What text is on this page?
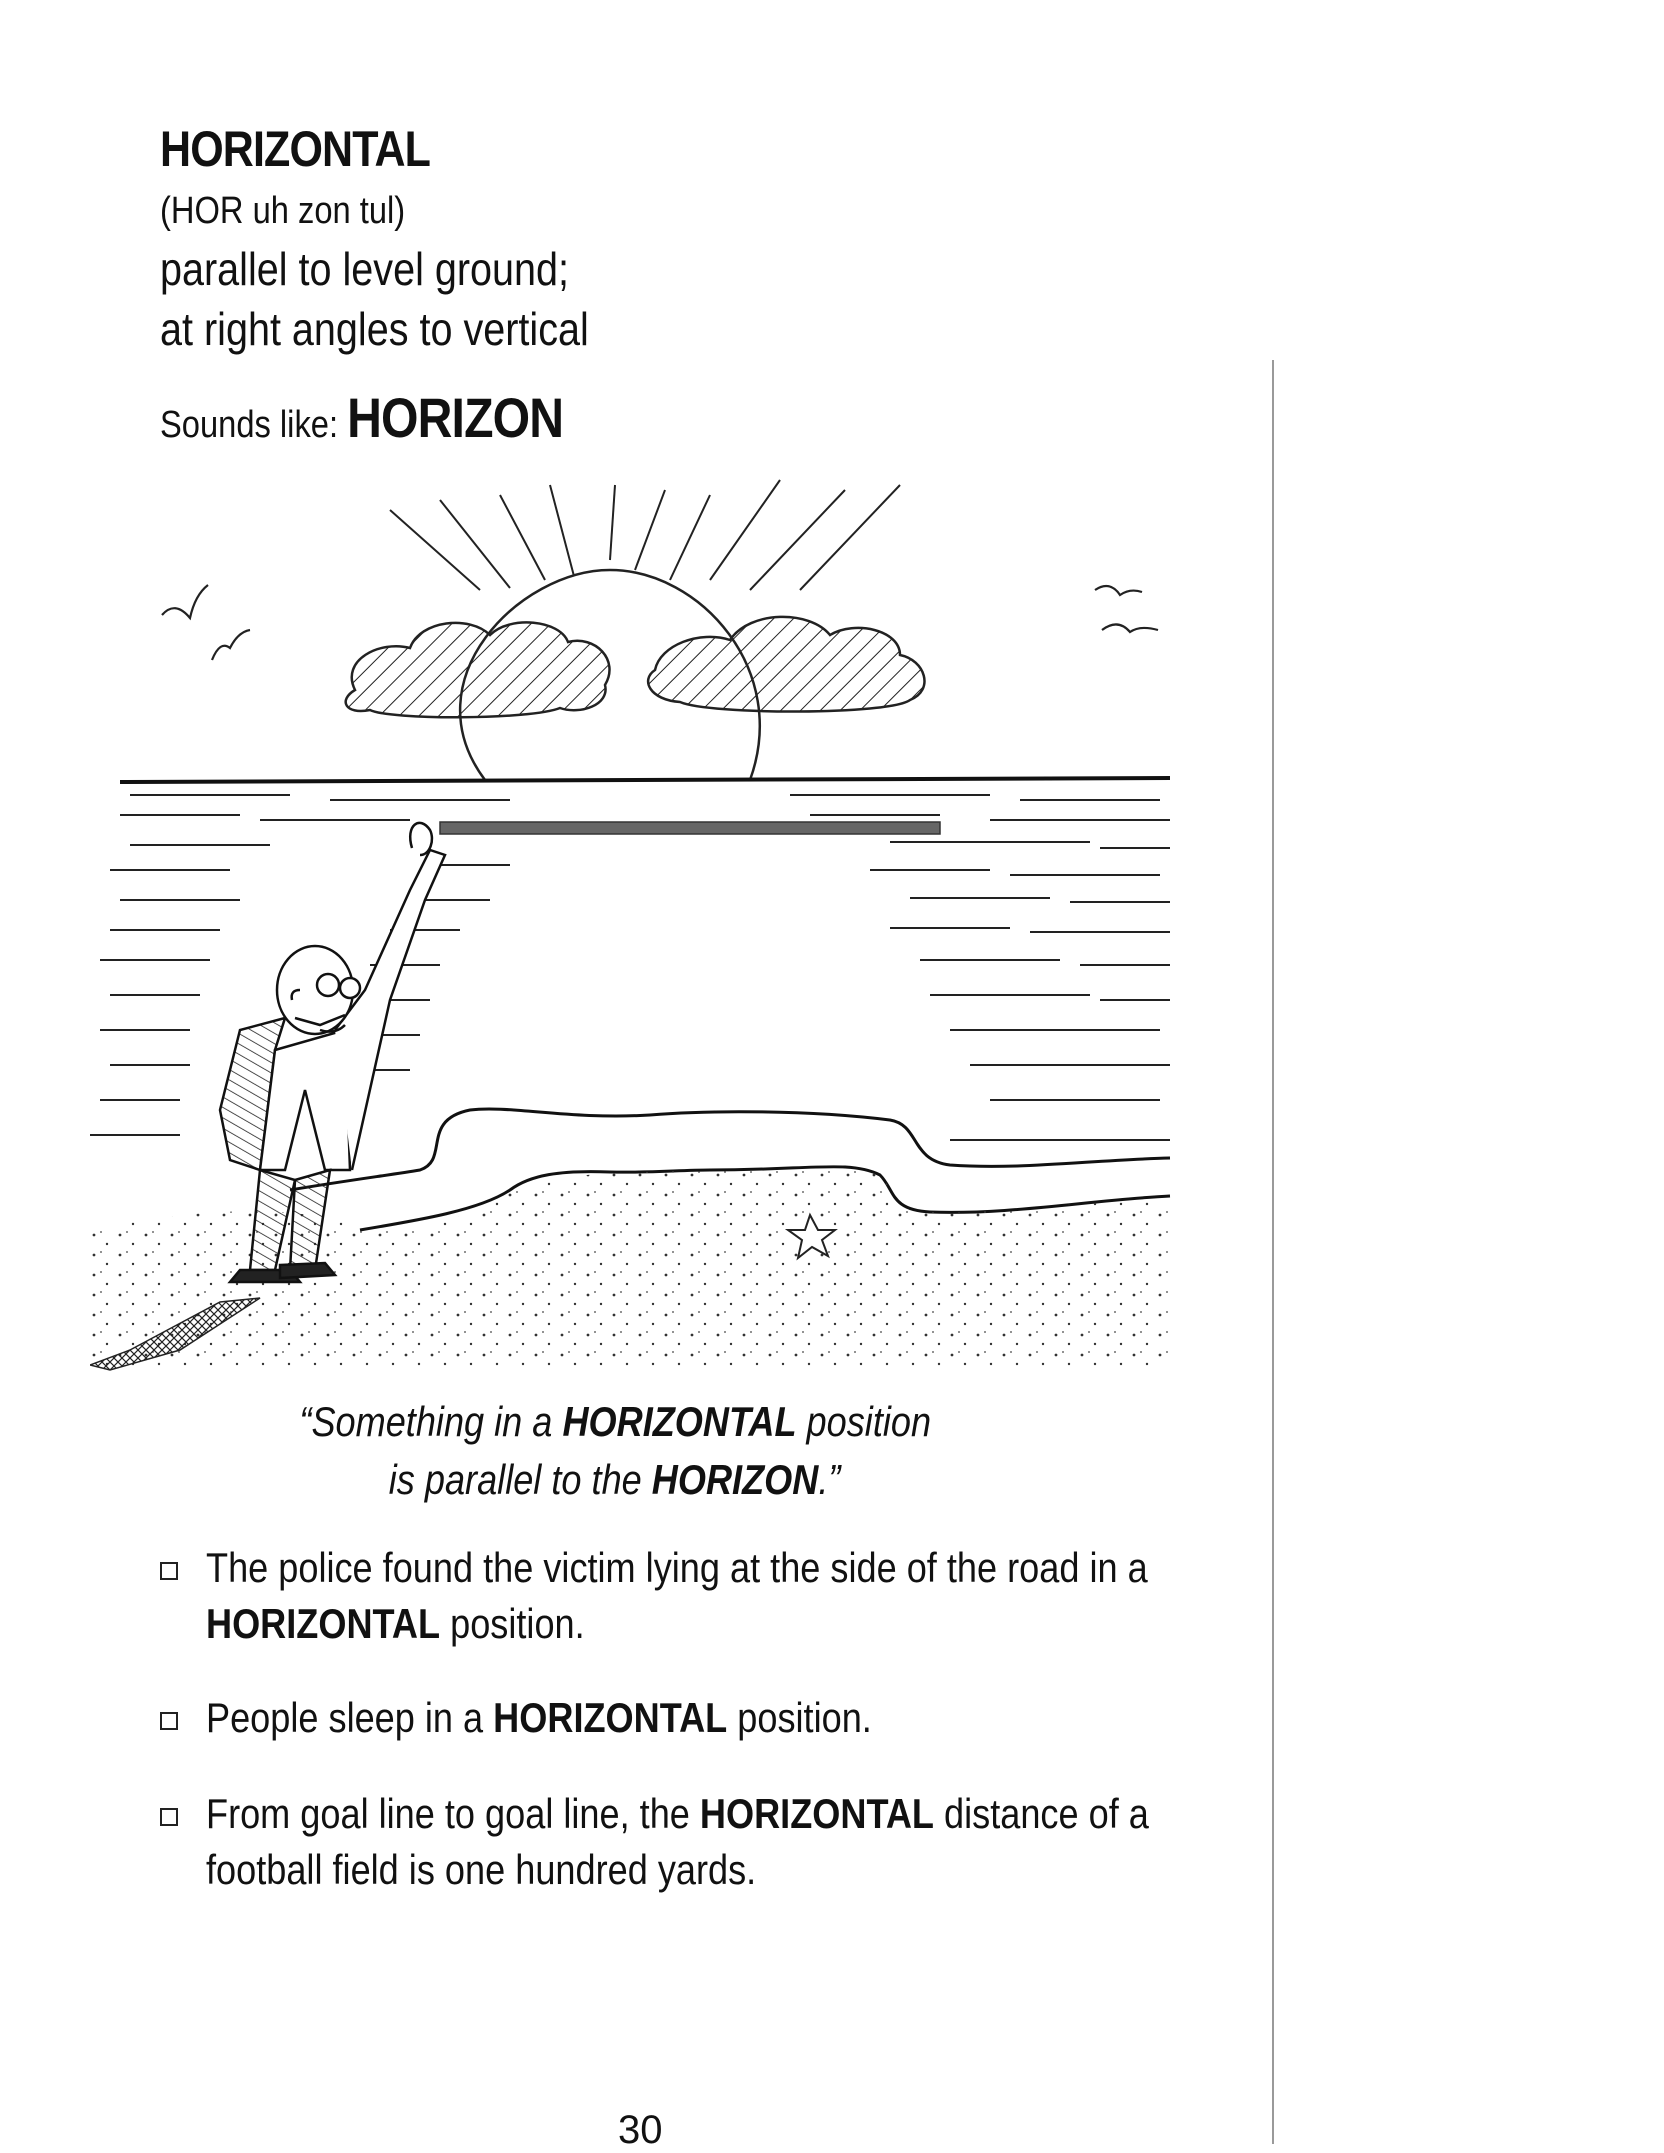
HORIZONTAL
(HOR uh zon tul)
parallel to level ground;
at right angles to vertical
Sounds like: HORIZON
“Something in a HORIZONTAL position
is parallel to the HORIZON.”
The police found the victim lying at the side of the road in a HORIZONTAL position.
People sleep in a HORIZONTAL position.
From goal line to goal line, the HORIZONTAL distance of a football field is one hundred yards.
30
